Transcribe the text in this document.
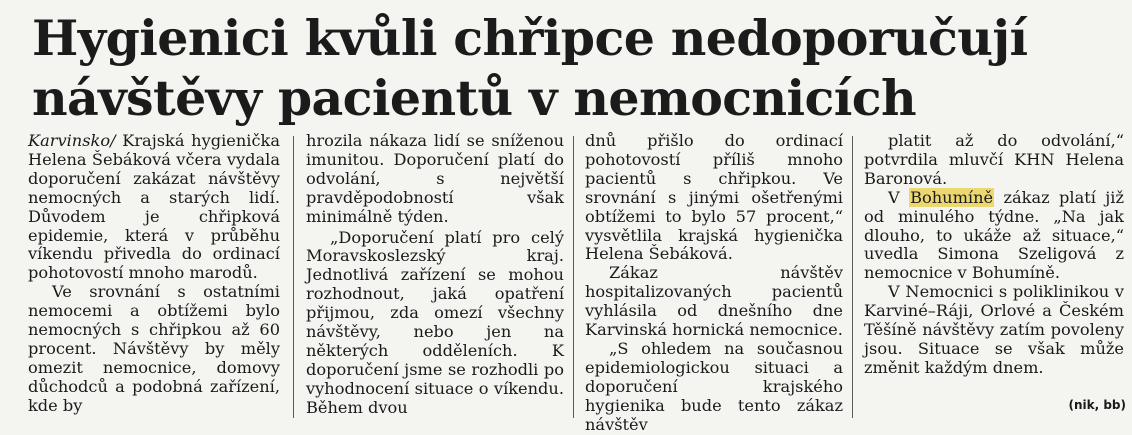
Hygienici kvůli chřipce nedoporučují
návštěvy pacientů v nemocnicích

Karvinsko/ Krajská hygienička Helena Šebáková včera vydala doporučení zakázat návštěvy nemocných a starých lidí. Důvodem je chřipková epidemie, která v průběhu víkendu přivedla do ordinací pohotovostí mnoho marodů.

Ve srovnání s ostatními nemocemi a obtížemi bylo nemocných s chřipkou až 60 procent. Návštěvy by měly omezit nemocnice, domovy důchodců a podobná zařízení, kde by

hrozila nákaza lidí se sníženou imunitou. Doporučení platí do odvolání, s největší pravděpodobností však minimálně týden.

„Doporučení platí pro celý Moravskoslezský kraj. Jednotlivá zařízení se mohou rozhodnout, jaká opatření přijmou, zda omezí všechny návštěvy, nebo jen na některých odděleních. K doporučení jsme se rozhodli po vyhodnocení situace o víkendu. Během dvou

dnů přišlo do ordinací pohotovostí příliš mnoho pacientů s chřipkou. Ve srovnání s jinými ošetřenými obtížemi to bylo 57 procent,“ vysvětlila krajská hygienička Helena Šebáková.

Zákaz návštěv hospitalizovaných pacientů vyhlásila od dnešního dne Karvinská hornická nemocnice.

„S ohledem na současnou epidemiologickou situaci a doporučení krajského hygienika bude tento zákaz návštěv

platit až do odvolání,“ potvrdila mluvčí KHN Helena Baronová.

V Bohumíně zákaz platí již od minulého týdne. „Na jak dlouho, to ukáže až situace,“ uvedla Simona Szeligová z nemocnice v Bohumíně.

V Nemocnici s poliklinikou v Karviné–Ráji, Orlové a Českém Těšíně návštěvy zatím povoleny jsou. Situace se však může změnit každým dnem.

(nik, bb)
